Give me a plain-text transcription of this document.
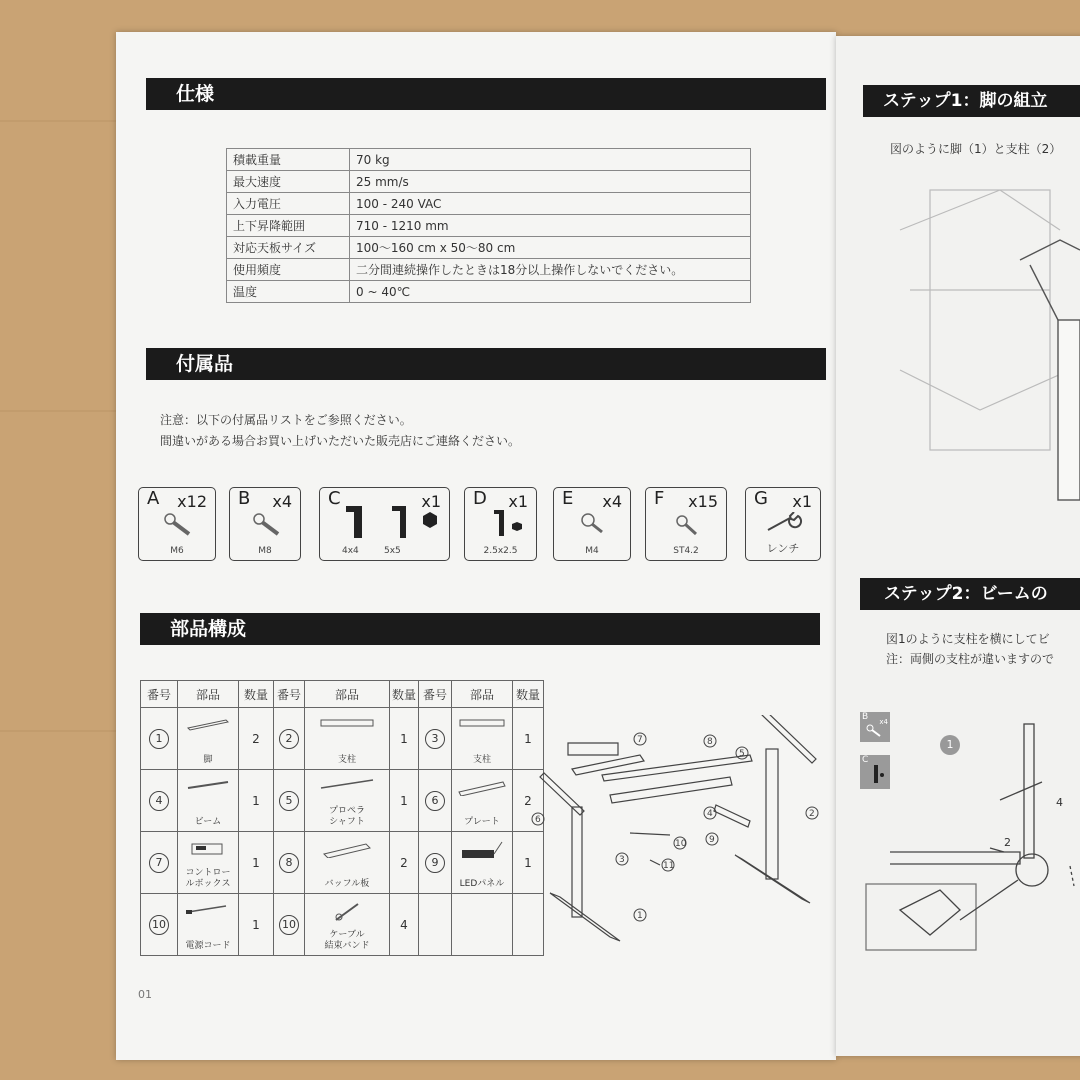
仕様
積載重量	70 kg
最大速度	25 mm/s
入力電圧	100 - 240 VAC
上下昇降範囲	710 - 1210 mm
対応天板サイズ	100～160 cm x 50～80 cm
使用頻度	二分間連続操作したときは18分以上操作しないでください。
温度	0 ~ 40℃
付属品
注意：以下の付属品リストをご参照ください。
間違いがある場合お買い上げいただいた販売店にご連絡ください。
A x12
M6
B x4
M8
C	x1
4x4	5x5
D x1
2.5x2.5
E x4
M4
F x15
ST4.2
G x1
レンチ
部品構成
番号	部品	数量	番号	部品	数量	番号	部品	数量
1	脚	2	2	支柱	1	3	支柱	1
4	ビーム	1	5	プロペラ
シャフト	1	6	プレート	2
7	コントロー
ルボックス	1	8	バッフル板	2	9	LEDパネル	1
10	電源コード	1	10	ケーブル
結束バンド	4			
7	8
5
6
4	2
3
10	9
11
1
01
ステップ1：脚の組立
図のように脚（1）と支柱（2）
ステップ2：ビームの
図1のように支柱を横にしてビ
注：両側の支柱が違いますので
B x4
C
1
4
2
